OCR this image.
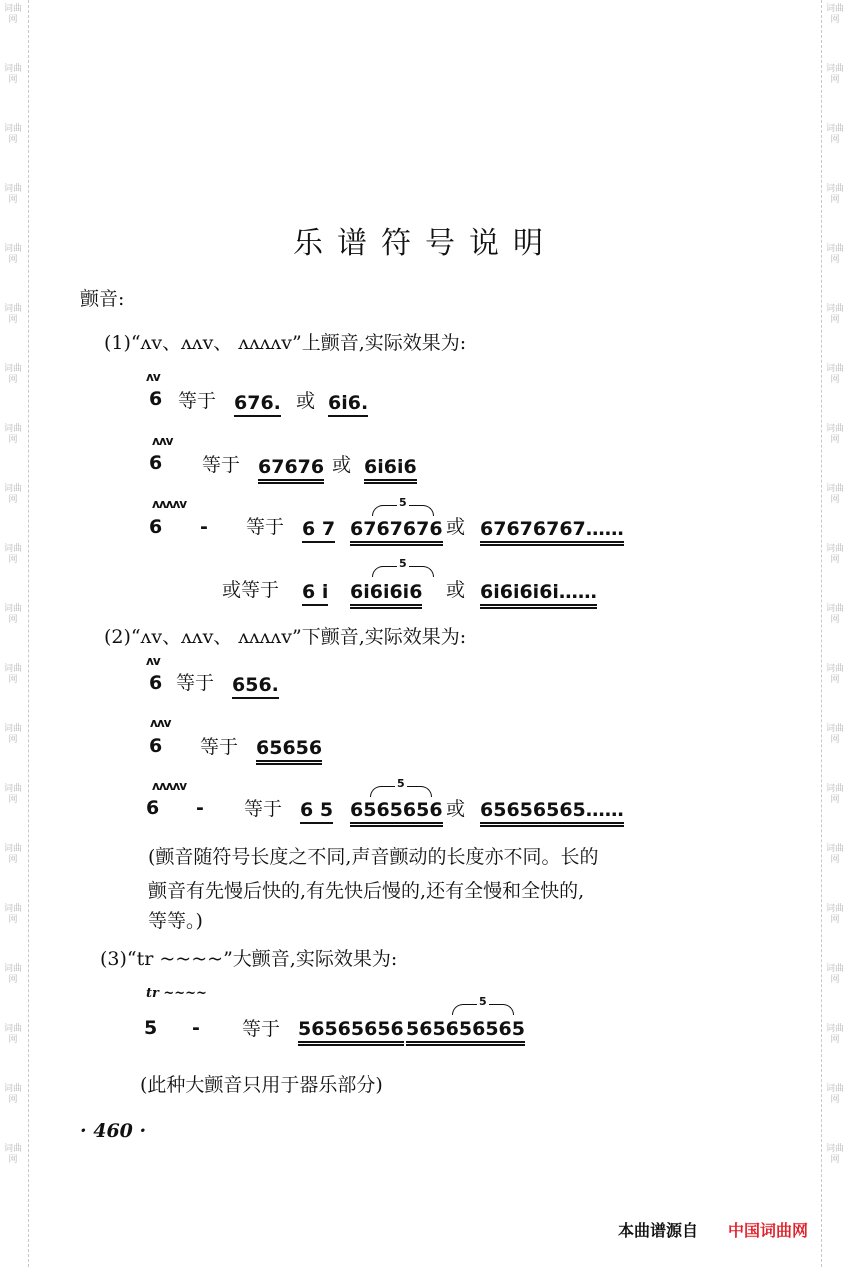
词曲网
词曲网
词曲网
词曲网
词曲网
词曲网
词曲网
词曲网
词曲网
词曲网
词曲网
词曲网
词曲网
词曲网
词曲网
词曲网
词曲网
词曲网
词曲网
词曲网
词曲网
词曲网
词曲网
词曲网
词曲网
词曲网
词曲网
词曲网
词曲网
词曲网
词曲网
词曲网
词曲网
词曲网
词曲网
词曲网
词曲网
词曲网
词曲网
词曲网
乐谱符号说明
颤音:
(1)“ʌv、ʌʌv、 ʌʌʌʌv”上颤音,实际效果为:
ʌv
6 等于 676. 或 6i6.
ʌʌv
6 等于 67676 或 6i6i6
ʌʌʌʌv
6 - 等于 6 7
5
6767676 或 67676767……
或等于 6 i
5
6i6i6i6 或 6i6i6i6i……
(2)“ʌv、ʌʌv、 ʌʌʌʌv”下颤音,实际效果为:
ʌv
6 等于 656.
ʌʌv
6 等于 65656
ʌʌʌʌv
6 - 等于 6 5
5
6565656 或 65656565……
(颤音随符号长度之不同,声音颤动的长度亦不同。长的
颤音有先慢后快的,有先快后慢的,还有全慢和全快的,
等等。)
(3)“tr ~~~~”大颤音,实际效果为:
tr ~~~~
5 - 等于 56565656
5
565656565
(此种大颤音只用于器乐部分)
· 460 ·
本曲谱源自 中国词曲网
